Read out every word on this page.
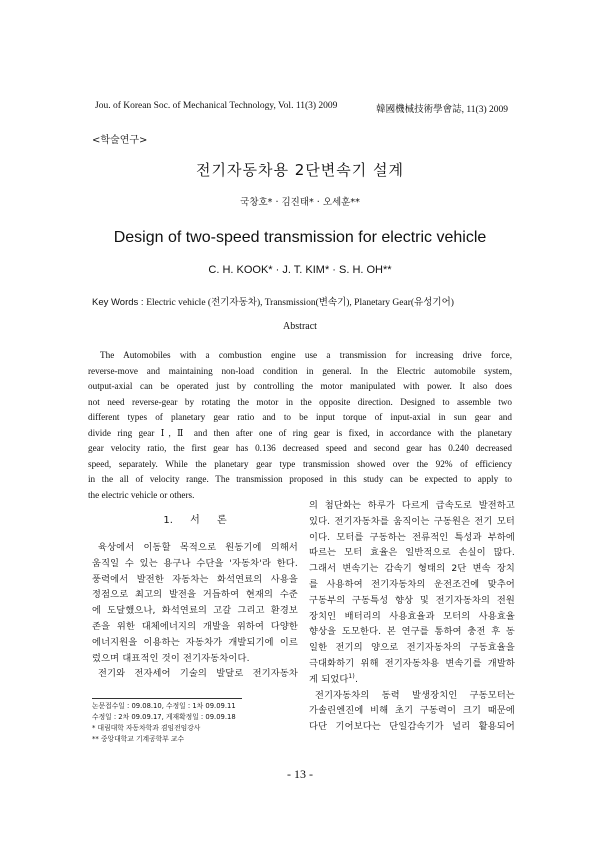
Jou. of Korean Soc. of Mechanical Technology, Vol. 11(3) 2009	韓國機械技術學會誌, 11(3) 2009
<학술연구>
전기자동차용 2단변속기 설계
국창호* · 김진태* · 오세훈**
Design of two-speed transmission for electric vehicle
C. H. KOOK* · J. T. KIM* · S. H. OH**
Key Words : Electric vehicle (전기자동차), Transmission(변속기), Planetary Gear(유성기어)
Abstract
The Automobiles with a combustion engine use a transmission for increasing drive force,
reverse-move and maintaining non-load condition in general. In the Electric automobile system,
output-axial can be operated just by controlling the motor manipulated with power. It also does
not need reverse-gear by rotating the motor in the opposite direction. Designed to assemble two
different types of planetary gear ratio and to be input torque of input-axial in sun gear and
divide ring gear Ⅰ, Ⅱ and then after one of ring gear is fixed, in accordance with the planetary
gear velocity ratio, the first gear has 0.136 decreased speed and second gear has 0.240 decreased
speed, separately. While the planetary gear type transmission showed over the 92% of efficiency
in the all of velocity range. The transmission proposed in this study can be expected to apply to
the electric vehicle or others.
1. 서 론
육상에서 이동할 목적으로 원동기에 의해서
움직일 수 있는 용구나 수단을 '자동차'라 한다.
풍력에서 발전한 자동차는 화석연료의 사용을
정점으로 최고의 발전을 거듭하여 현재의 수준
에 도달했으나, 화석연료의 고갈 그리고 환경보
존을 위한 대체에너지의 개발을 위하여 다양한
에너지원을 이용하는 자동차가 개발되기에 이르
렀으며 대표적인 것이 전기자동차이다.
전기와 전자세어 기술의 발달로 전기자동차
논문접수일 : 09.08.10, 수정일 : 1차 09.09.11
수정일 : 2차 09.09.17, 게재확정일 : 09.09.18
* 대림대학 자동차학과 겸임전임강사
** 중앙대학교 기계공학부 교수
의 첨단화는 하루가 다르게 급속도로 발전하고
있다. 전기자동차를 움직이는 구동원은 전기 모터
이다. 모터를 구동하는 전류적인 특성과 부하에
따르는 모터 효율은 일반적으로 손실이 많다.
그래서 변속기는 감속기 형태의 2단 변속 장치
를 사용하여 전기자동차의 운전조건에 맞추어
구동부의 구동특성 향상 및 전기자동차의 전원
장치인 배터리의 사용효율과 모터의 사용효율
향상을 도모한다. 본 연구를 통하여 충전 후 동
일한 전기의 양으로 전기자동차의 구동효율을
극대화하기 위해 전기자동차용 변속기를 개발하
게 되었다$^{1)}$.
전기자동차의 동력 발생장치인 구동모터는
가솔린엔진에 비해 초기 구동력이 크기 때문에
다단 기어보다는 단일감속기가 널리 활용되어
- 13 -
